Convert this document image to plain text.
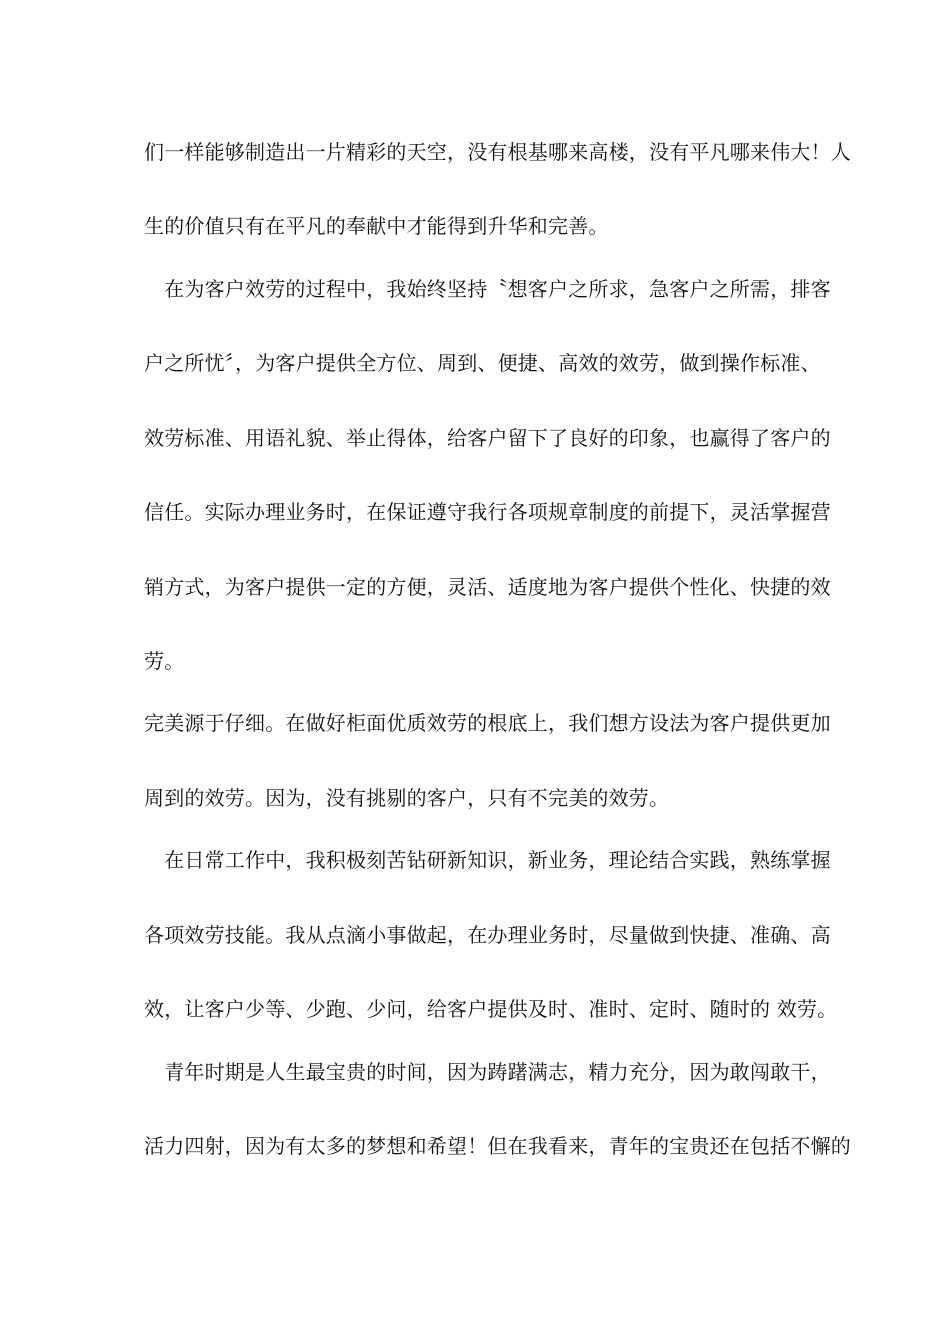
们一样能够制造出一片精彩的天空，没有根基哪来高楼，没有平凡哪来伟大！人
生的价值只有在平凡的奉献中才能得到升华和完善。
　在为客户效劳的过程中，我始终坚持〝想客户之所求，急客户之所需，排客
户之所忧〞，为客户提供全方位、周到、便捷、高效的效劳，做到操作标准、
效劳标准、用语礼貌、举止得体，给客户留下了良好的印象，也赢得了客户的
信任。实际办理业务时，在保证遵守我行各项规章制度的前提下，灵活掌握营
销方式，为客户提供一定的方便，灵活、适度地为客户提供个性化、快捷的效
劳。
完美源于仔细。在做好柜面优质效劳的根底上，我们想方设法为客户提供更加
周到的效劳。因为，没有挑剔的客户，只有不完美的效劳。
　在日常工作中，我积极刻苦钻研新知识，新业务，理论结合实践，熟练掌握
各项效劳技能。我从点滴小事做起，在办理业务时，尽量做到快捷、准确、高
效，让客户少等、少跑、少问，给客户提供及时、准时、定时、随时的 效劳。
　青年时期是人生最宝贵的时间，因为踌躇满志，精力充分，因为敢闯敢干，
活力四射，因为有太多的梦想和希望！但在我看来，青年的宝贵还在包括不懈的
